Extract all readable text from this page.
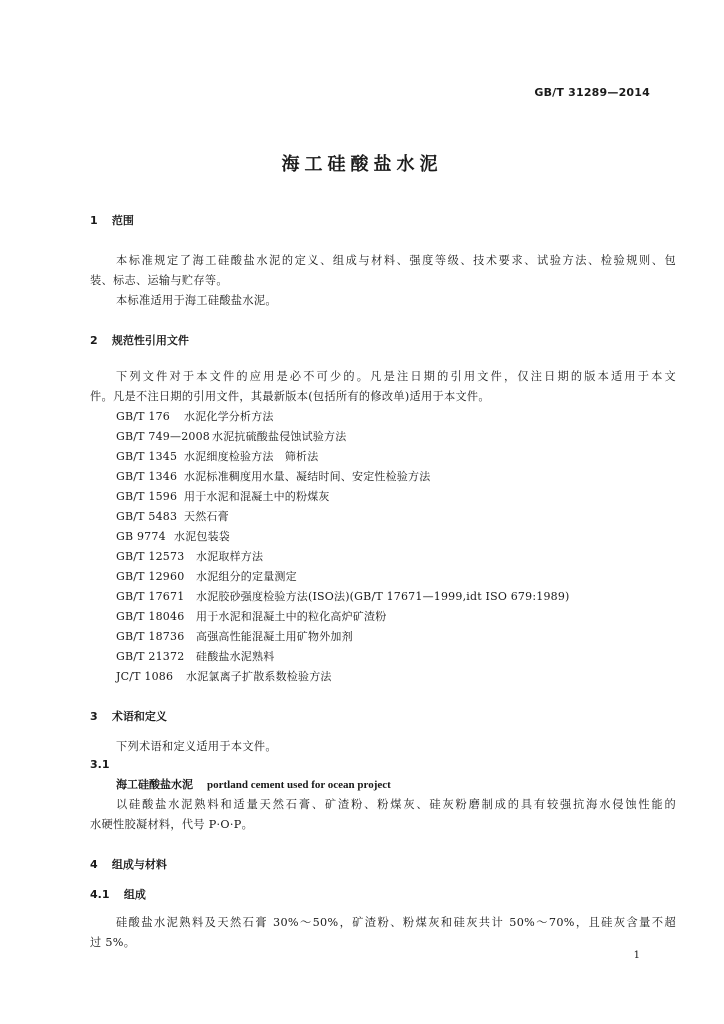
GB/T 31289—2014
海工硅酸盐水泥
1 范围
本标准规定了海工硅酸盐水泥的定义、组成与材料、强度等级、技术要求、试验方法、检验规则、包
装、标志、运输与贮存等。
本标准适用于海工硅酸盐水泥。
2 规范性引用文件
下列文件对于本文件的应用是必不可少的。凡是注日期的引用文件，仅注日期的版本适用于本文
件。凡是不注日期的引用文件，其最新版本(包括所有的修改单)适用于本文件。
GB/T 176 水泥化学分析方法
GB/T 749—2008 水泥抗硫酸盐侵蚀试验方法
GB/T 1345 水泥细度检验方法　筛析法
GB/T 1346 水泥标准稠度用水量、凝结时间、安定性检验方法
GB/T 1596 用于水泥和混凝土中的粉煤灰
GB/T 5483 天然石膏
GB 9774 水泥包装袋
GB/T 12573 水泥取样方法
GB/T 12960 水泥组分的定量测定
GB/T 17671 水泥胶砂强度检验方法(ISO法)(GB/T 17671—1999,idt ISO 679:1989)
GB/T 18046 用于水泥和混凝土中的粒化高炉矿渣粉
GB/T 18736 高强高性能混凝土用矿物外加剂
GB/T 21372 硅酸盐水泥熟料
JC/T 1086 水泥氯离子扩散系数检验方法
3 术语和定义
下列术语和定义适用于本文件。
3.1
海工硅酸盐水泥 portland cement used for ocean project
以硅酸盐水泥熟料和适量天然石膏、矿渣粉、粉煤灰、硅灰粉磨制成的具有较强抗海水侵蚀性能的
水硬性胶凝材料，代号 P·O·P。
4 组成与材料
4.1 组成
硅酸盐水泥熟料及天然石膏 30%～50%，矿渣粉、粉煤灰和硅灰共计 50%～70%，且硅灰含量不超
过 5%。
1
